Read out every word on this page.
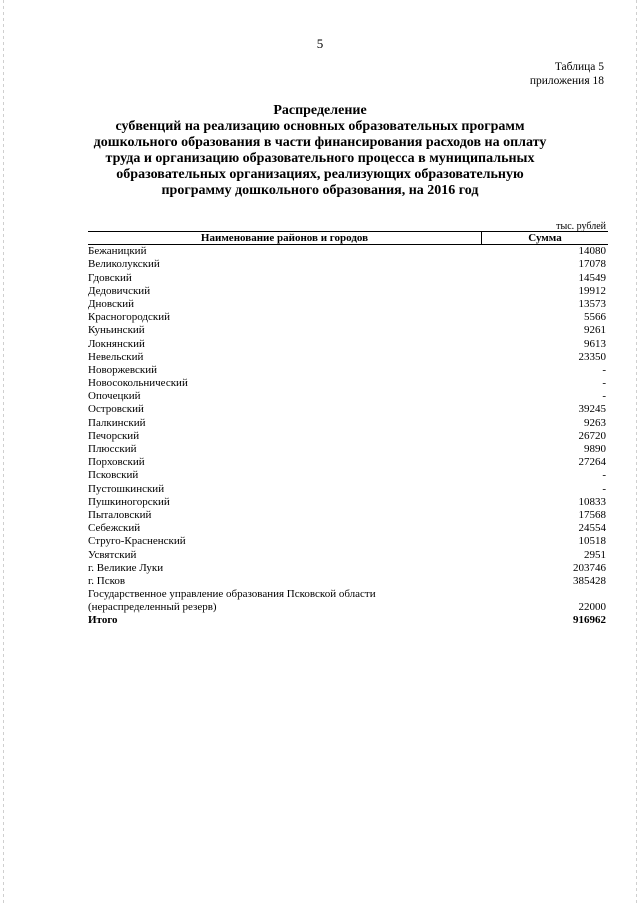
5
Таблица 5
приложения 18
Распределение
субвенций на реализацию основных образовательных программ
дошкольного образования в части финансирования расходов на оплату
труда и организацию образовательного процесса в муниципальных
образовательных организациях, реализующих образовательную
программу дошкольного образования, на 2016 год
тыс. рублей
Наименование районов и городов	Сумма
Бежаницкий	14080
Великолукский	17078
Гдовский	14549
Дедовичский	19912
Дновский	13573
Красногородский	5566
Куньинский	9261
Локнянский	9613
Невельский	23350
Новоржевский	-
Новосокольнический	-
Опочецкий	-
Островский	39245
Палкинский	9263
Печорский	26720
Плюсский	9890
Порховский	27264
Псковский	-
Пустошкинский	-
Пушкиногорский	10833
Пыталовский	17568
Себежский	24554
Струго-Красненский	10518
Усвятский	2951
г. Великие Луки	203746
г. Псков	385428

Государственное управление образования Псковской области
(нераспределенный резерв)	22000
Итого	916962
